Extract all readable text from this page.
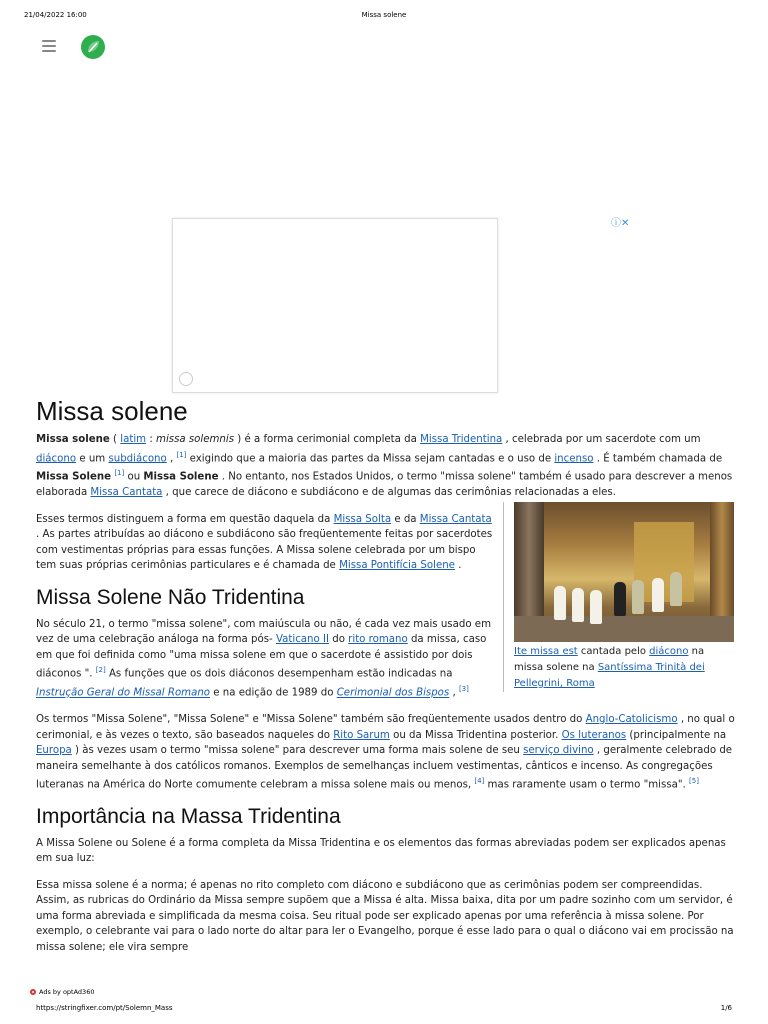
21/04/2022 16:00	Missa solene
ⓘ✕
Missa solene

Missa solene ( latim : missa solemnis ) é a forma cerimonial completa da Missa Tridentina , celebrada por um sacerdote com um diácono e um subdiácono , [1] exigindo que a maioria das partes da Missa sejam cantadas e o uso de incenso . É também chamada de Missa Solene [1] ou Missa Solene . No entanto, nos Estados Unidos, o termo "missa solene" também é usado para descrever a menos elaborada Missa Cantata , que carece de diácono e subdiácono e de algumas das cerimônias relacionadas a eles.

Ite missa est cantada pelo diácono na missa solene na Santíssima Trinità dei Pellegrini, Roma

Esses termos distinguem a forma em questão daquela da Missa Solta e da Missa Cantata . As partes atribuídas ao diácono e subdiácono são freqüentemente feitas por sacerdotes com vestimentas próprias para essas funções. A Missa solene celebrada por um bispo tem suas próprias cerimônias particulares e é chamada de Missa Pontifícia Solene .

Missa Solene Não Tridentina

No século 21, o termo "missa solene", com maiúscula ou não, é cada vez mais usado em vez de uma celebração análoga na forma pós- Vaticano II do rito romano da missa, caso em que foi definida como "uma missa solene em que o sacerdote é assistido por dois diáconos ". [2] As funções que os dois diáconos desempenham estão indicadas na Instrução Geral do Missal Romano e na edição de 1989 do Cerimonial dos Bispos , [3]

Os termos "Missa Solene", "Missa Solene" e "Missa Solene" também são freqüentemente usados dentro do Anglo-Catolicismo , no qual o cerimonial, e às vezes o texto, são baseados naqueles do Rito Sarum ou da Missa Tridentina posterior. Os luteranos (principalmente na Europa ) às vezes usam o termo "missa solene" para descrever uma forma mais solene de seu serviço divino , geralmente celebrado de maneira semelhante à dos católicos romanos. Exemplos de semelhanças incluem vestimentas, cânticos e incenso. As congregações luteranas na América do Norte comumente celebram a missa solene mais ou menos, [4] mas raramente usam o termo "missa". [5]

Importância na Massa Tridentina

A Missa Solene ou Solene é a forma completa da Missa Tridentina e os elementos das formas abreviadas podem ser explicados apenas em sua luz:

Essa missa solene é a norma; é apenas no rito completo com diácono e subdiácono que as cerimônias podem ser compreendidas. Assim, as rubricas do Ordinário da Missa sempre supõem que a Missa é alta. Missa baixa, dita por um padre sozinho com um servidor, é uma forma abreviada e simplificada da mesma coisa. Seu ritual pode ser explicado apenas por uma referência à missa solene. Por exemplo, o celebrante vai para o lado norte do altar para ler o Evangelho, porque é esse lado para o qual o diácono vai em procissão na missa solene; ele vira sempre

Ads by optAd360
https://stringfixer.com/pt/Solemn_Mass	1/6
